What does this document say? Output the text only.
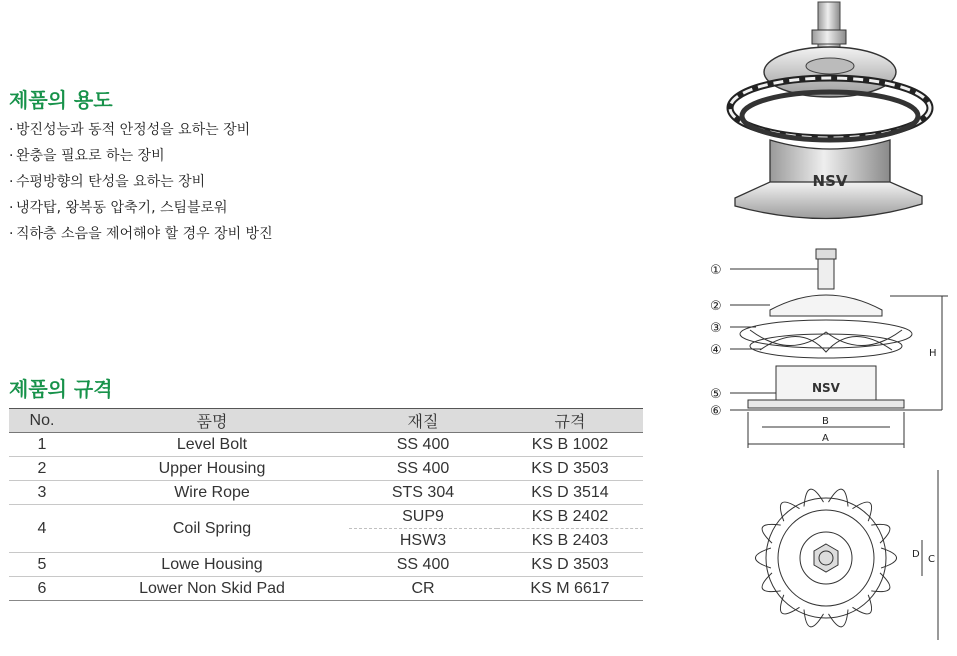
제품의 용도
· 방진성능과 동적 안정성을 요하는 장비
· 완충을 필요로 하는 장비
· 수평방향의 탄성을 요하는 장비
· 냉각탑, 왕복동 압축기, 스팀블로워
· 직하층 소음을 제어해야 할 경우 장비 방진
제품의 규격
No.	품명	재질	규격
1	Level Bolt	SS 400	KS B 1002
2	Upper Housing	SS 400	KS D 3503
3	Wire Rope	STS 304	KS D 3514
4	Coil Spring	SUP9	KS B 2402
		HSW3	KS B 2403
5	Lowe Housing	SS 400	KS D 3503
6	Lower Non Skid Pad	CR	KS M 6617
NSV
NSV
①
②
③
④
⑤
⑥
H
B
A
C
D
